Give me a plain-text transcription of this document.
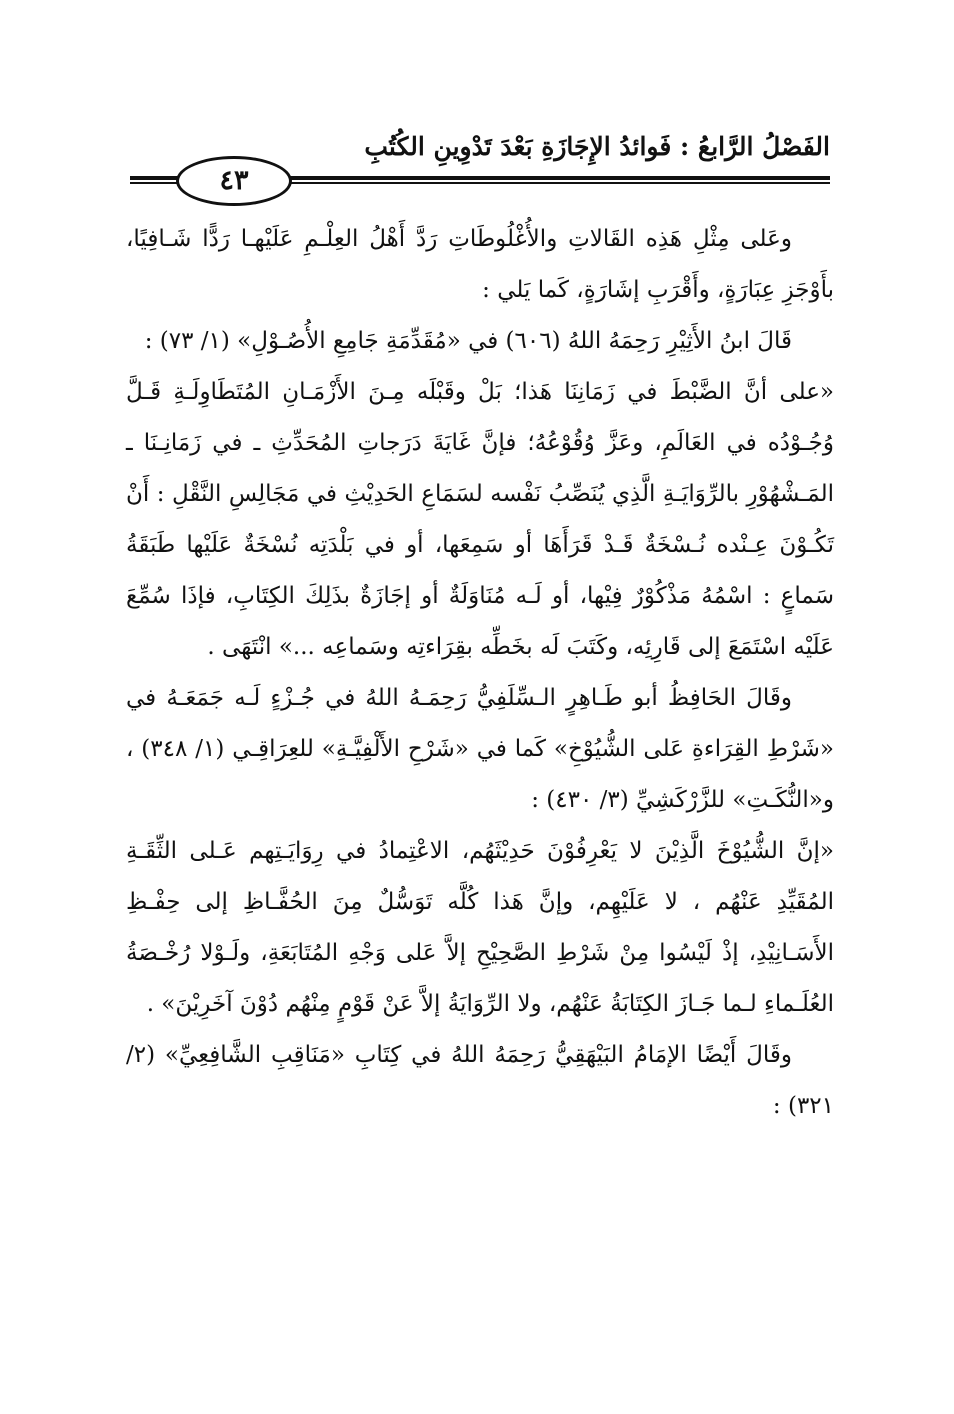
الفَصْلُ الرَّابعُ : فَوائدُ الإِجَازَةِ بَعْدَ تَدْوِينِ الكُتُبِ
٤٣

وعَلى مِثْلِ هَذِه القَالاتِ والأُغْلُوطَاتِ رَدَّ أَهْلُ العِلْـمِ عَلَيْهـا رَدًّا شَـافِيًا، بأَوْجَزِ عِبَارَةٍ، وأَقْرَبِ إشَارَةٍ، كَما يَلي :

قَالَ ابنُ الأَثِيْرِ رَحِمَهُ اللهُ (٦٠٦) في «مُقَدِّمَةِ جَامِعِ الأُصُـوْلِ» (١/ ٧٣) :

«على أنَّ الضَّبْطَ في زَمَانِنَا هَذا؛ بَلْ وقَبْلَه مِـنَ الأَزْمَـانِ المُتَطَاوِلَـةِ قَـلَّ وُجُـوْدُه في العَالَمِ، وعَزَّ وُقُوْعُهُ؛ فإنَّ غَايَةَ دَرَجاتِ المُحَدِّثِ ـ في زَمَانِـنَا ـ المَـشْهُوْرِ بالرِّوَايَـةِ الَّذِي يُنَصِّبُ نَفْسه لسَمَاعِ الحَدِيْثِ في مَجَالِسِ النَّقْلِ : أَنْ تَكُـوْنَ عِـنْده نُـسْخَةٌ قَـدْ قَرَأَهَا أو سَمِعَها، أو في بَلْدَتِه نُسْخَةٌ عَلَيْها طَبَقَةُ سَماعٍ : اسْمُهُ مَذْكُوْرٌ فِيْها، أو لَـه مُنَاوَلَةٌ أو إجَازَةٌ بذَلِكَ الكِتَابِ، فإذَا سُمِّعَ عَلَيْه اسْتَمَعَ إلى قَارِئِه، وكَتَبَ لَه بخَطِّه بقِرَاءتِه وسَماعِه ...» انْتَهَى .

وقَالَ الحَافِظُ أبو طَـاهِرٍ الـسِّلَفِيُّ رَحِمَـهُ اللهُ في جُـزْءٍ لَـه جَمَعَـهُ في «شَرْطِ القِرَاءةِ عَلى الشُّيُوْخِ» كَما في «شَرْحِ الأَلْفِيَّـةِ» للعِرَاقِـي (١/ ٣٤٨) ، و«النُّكَـتِ» للزَّرْكَشِيِّ (٣/ ٤٣٠) :

«إنَّ الشُّيُوْخَ الَّذِيْنَ لا يَعْرِفُوْنَ حَدِيْثَهُم، الاعْتِمادُ في رِوَايَـتِهم عَـلى الثِّقَـةِ المُقَيِّدِ عَنْهُم ، لا عَلَيْهِم، وإنَّ هَذا كُلَّه تَوَسُّلٌ مِنَ الحُفَّـاظِ إلى حِفْـظِ الأَسَـانِيْدِ، إذْ لَيْسُوا مِنْ شَرْطِ الصَّحِيْحِ إلاَّ عَلى وَجْهِ المُتَابَعَةِ، ولَـوْلا رُخْـصَةُ العُلَـماءِ لـما جَـازَ الكِتَابَةُ عَنْهُم، ولا الرِّوَايَةُ إلاَّ عَنْ قَوْمٍ مِنْهُم دُوْنَ آخَرِيْنَ» .

وقَالَ أَيْضًا الإمَامُ البَيْهَقِيُّ رَحِمَهُ اللهُ في كِتَابِ «مَنَاقِبِ الشَّافِعِيِّ» (٢/ ٣٢١) :
